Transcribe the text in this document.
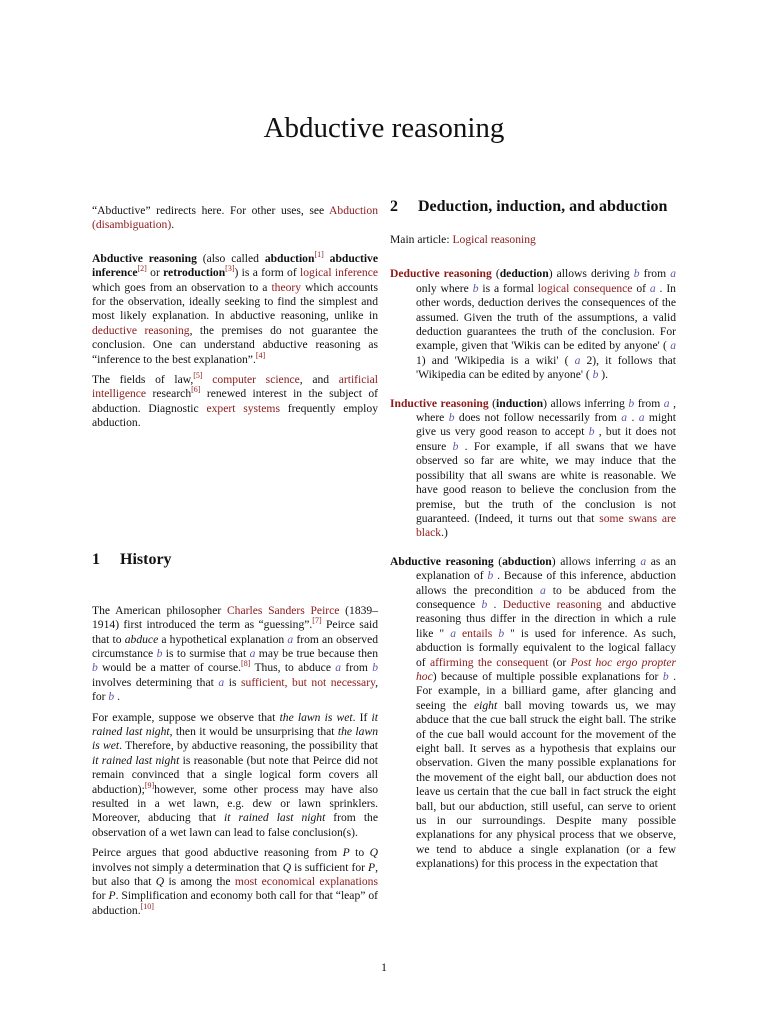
Abductive reasoning

“Abductive” redirects here. For other uses, see Abduction (disambiguation).

Abductive reasoning (also called abduction[1] abductive inference[2] or retroduction[3]) is a form of logical inference which goes from an observation to a theory which accounts for the observation, ideally seeking to find the simplest and most likely explanation. In abductive reasoning, unlike in deductive reasoning, the premises do not guarantee the conclusion. One can understand abductive reasoning as “inference to the best explanation”.[4]

The fields of law,[5] computer science, and artificial intelligence research[6] renewed interest in the subject of abduction. Diagnostic expert systems frequently employ abduction.

1	History

The American philosopher Charles Sanders Peirce (1839–1914) first introduced the term as “guessing”.[7] Peirce said that to abduce a hypothetical explanation a from an observed circumstance b is to surmise that a may be true because then b would be a matter of course.[8] Thus, to abduce a from b involves determining that a is sufficient, but not necessary, for b .

For example, suppose we observe that the lawn is wet. If it rained last night, then it would be unsurprising that the lawn is wet. Therefore, by abductive reasoning, the possibility that it rained last night is reasonable (but note that Peirce did not remain convinced that a single logical form covers all abduction);[9]however, some other process may have also resulted in a wet lawn, e.g. dew or lawn sprinklers. Moreover, abducing that it rained last night from the observation of a wet lawn can lead to false conclusion(s).

Peirce argues that good abductive reasoning from P to Q involves not simply a determination that Q is sufficient for P, but also that Q is among the most economical explanations for P. Simplification and economy both call for that “leap” of abduction.[10]

2	Deduction, induction, and abduction

Main article: Logical reasoning

Deductive reasoning (deduction) allows deriving b from a only where b is a formal logical consequence of a . In other words, deduction derives the consequences of the assumed. Given the truth of the assumptions, a valid deduction guarantees the truth of the conclusion. For example, given that 'Wikis can be edited by anyone' ( a 1) and 'Wikipedia is a wiki' ( a 2), it follows that 'Wikipedia can be edited by anyone' ( b ).

Inductive reasoning (induction) allows inferring b from a , where b does not follow necessarily from a . a might give us very good reason to accept b , but it does not ensure b . For example, if all swans that we have observed so far are white, we may induce that the possibility that all swans are white is reasonable. We have good reason to believe the conclusion from the premise, but the truth of the conclusion is not guaranteed. (Indeed, it turns out that some swans are black.)

Abductive reasoning (abduction) allows inferring a as an explanation of b . Because of this inference, abduction allows the precondition a to be abduced from the consequence b . Deductive reasoning and abductive reasoning thus differ in the direction in which a rule like " a entails b " is used for inference. As such, abduction is formally equivalent to the logical fallacy of affirming the consequent (or Post hoc ergo propter hoc) because of multiple possible explanations for b . For example, in a billiard game, after glancing and seeing the eight ball moving towards us, we may abduce that the cue ball struck the eight ball. The strike of the cue ball would account for the movement of the eight ball. It serves as a hypothesis that explains our observation. Given the many possible explanations for the movement of the eight ball, our abduction does not leave us certain that the cue ball in fact struck the eight ball, but our abduction, still useful, can serve to orient us in our surroundings. Despite many possible explanations for any physical process that we observe, we tend to abduce a single explanation (or a few explanations) for this process in the expectation that

1
